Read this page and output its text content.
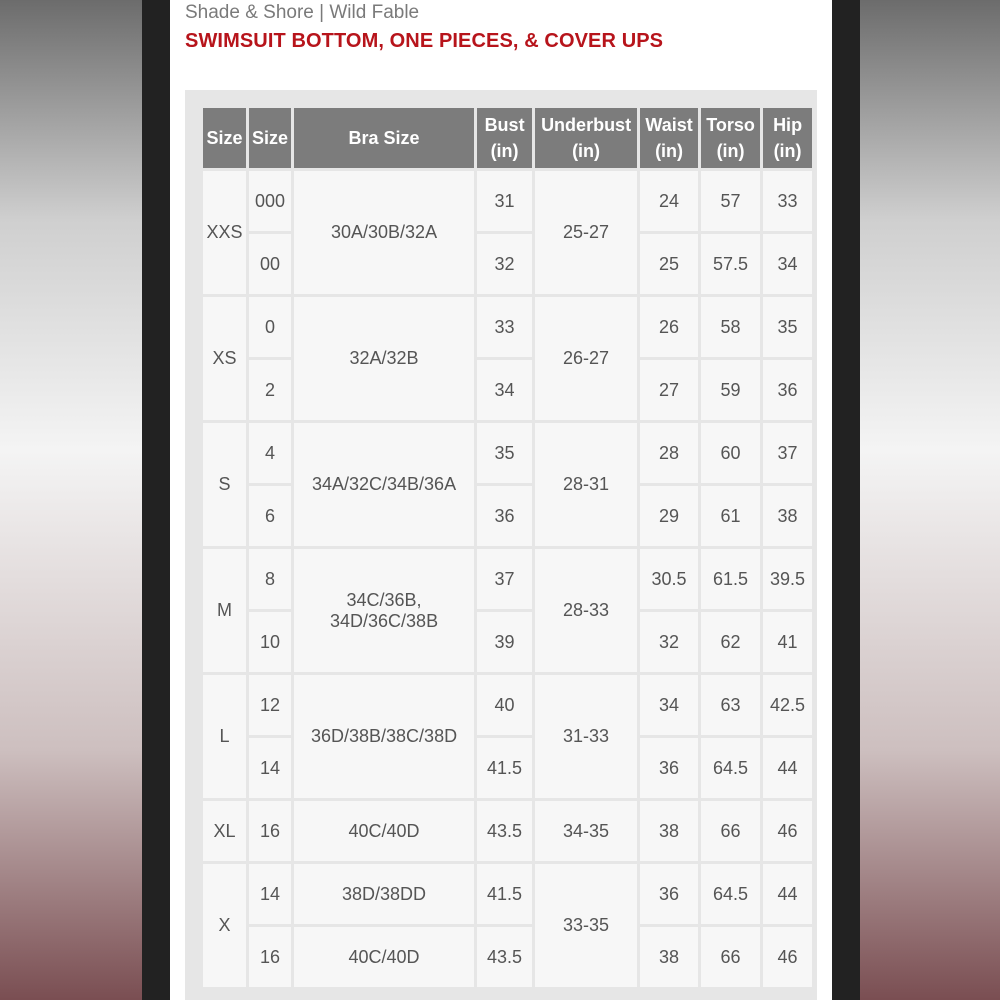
Shade & Shore | Wild Fable
SWIMSUIT BOTTOM, ONE PIECES, & COVER UPS
Size	Size	Bra Size	Bust (in)	Underbust (in)	Waist (in)	Torso (in)	Hip (in)
XXS	000	30A/30B/32A	31	25-27	24	57	33
	00		32		25	57.5	34
XS	0	32A/32B	33	26-27	26	58	35
	2		34		27	59	36
S	4	34A/32C/34B/36A	35	28-31	28	60	37
	6		36		29	61	38
M	8	34C/36B, 34D/36C/38B	37	28-33	30.5	61.5	39.5
	10		39		32	62	41
L	12	36D/38B/38C/38D	40	31-33	34	63	42.5
	14		41.5		36	64.5	44
XL	16	40C/40D	43.5	34-35	38	66	46
X	14	38D/38DD	41.5	33-35	36	64.5	44
	16	40C/40D	43.5		38	66	46
